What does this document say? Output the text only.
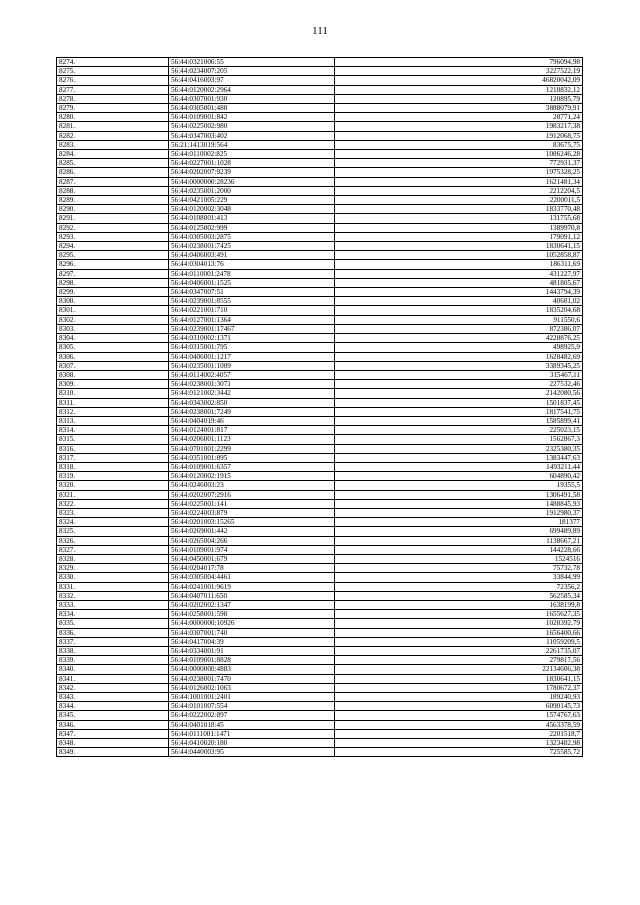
111
8274.	56:44:0321006:55	796094,98
8275.	56:44:0234007:205	3227522,19
8276.	56:44:0416003:97	46820042,09
8277.	56:44:0120002:2964	1218832,12
8278.	56:44:0307001:930	120895,79
8279.	56:44:0305001:488	3888079,91
8280.	56:44:0109001:842	28771,24
8281.	56:44:0225002:980	1983217,38
8282.	56:44:0347003:402	1912068,75
8283.	56:21:1413019:564	83675,75
8284.	56:44:0110002:825	1086246,28
8285.	56:44:0227001:1028	772931,37
8286.	56:44:0202007:9239	1975328,25
8287.	56:44:0000000:28236	1621481,34
8288.	56:44:0235001:2000	2212204,5
8289.	56:44:0421005:229	2200011,5
8290.	56:44:0120002:3048	1833770,48
8291.	56:44:0108001:413	131755,68
8292.	56:44:0125002:999	1389970,8
8293.	56:44:0305003:2875	179091,12
8294.	56:44:0238001:7425	1830641,15
8295.	56:44:0406003:491	1052858,87
8296.	56:44:0304013:76	186311,69
8297.	56:44:0110001:2478	431227,97
8298.	56:44:0406001:1525	481805,67
8299.	56:44:0347007:51	1443794,39
8300.	56:44:0239001:8555	40681,02
8301.	56:44:0221001:710	1835204,68
8302.	56:44:0127001:1364	911550,6
8303.	56:44:0239001:17467	872386,07
8304.	56:44:0310002:1371	4228876,25
8305.	56:44:0315001:795	498925,9
8306.	56:44:0406001:1217	1628482,69
8307.	56:44:0235001:1009	3389345,25
8308.	56:44:0114002:4057	315467,11
8309.	56:44:0238001:3071	227532,46
8310.	56:44:0121002:3442	2142080,56
8311.	56:44:0343002:850	1501837,45
8312.	56:44:0238001:7249	1817541,75
8313.	56:44:0404019:46	1585899,41
8314.	56:44:0124001:817	225023,15
8315.	56:44:0206001:1123	1562867,3
8316.	56:44:0701001:2299	2325380,35
8317.	56:44:0351001:895	1383447,63
8318.	56:44:0109001:6357	1493211,44
8319.	56:44:0120002:1915	604890,42
8320.	56:44:0246003:23	19355,5
8321.	56:44:0202007:2916	1306491,58
8322.	56:44:0225001:141	1488845,93
8323.	56:44:0224003:879	1912980,37
8324.	56:44:0201003:15265	181377
8325.	56:44:0269001:442	699489,89
8326.	56:44:0265004:266	1138667,21
8327.	56:44:0109001:974	144228,66
8328.	56:44:0450001:679	1524516
8329.	56:44:0204017:78	75732,78
8330.	56:44:0305004:4461	33844,99
8331.	56:44:0241001:9619	72356,2
8332.	56:44:0407011:650	562585,34
8333.	56:44:0202002:1347	1638199,8
8334.	56:44:0258001:598	1655627,35
8335.	56:44:0000000:10926	1028392,79
8336.	56:44:0307001:740	1656400,66
8337.	56:44:0417004:39	11059209,5
8338.	56:44:0334001:91	2261735,07
8339.	56:44:0109001:8828	279817,56
8340.	56:44:0000000:4883	22134606,38
8341.	56:44:0238001:7470	1830641,15
8342.	56:44:0126002:1063	1780672,37
8343.	56:44:1001001:2401	189240,93
8344.	56:44:0101007:554	6090145,73
8345.	56:44:0222002:897	1574767,63
8346.	56:44:0401018:45	4563378,59
8347.	56:44:0111001:1471	2201518,7
8348.	56:44:0410020:180	1323482,98
8349.	56:44:0440003:95	725585,72
